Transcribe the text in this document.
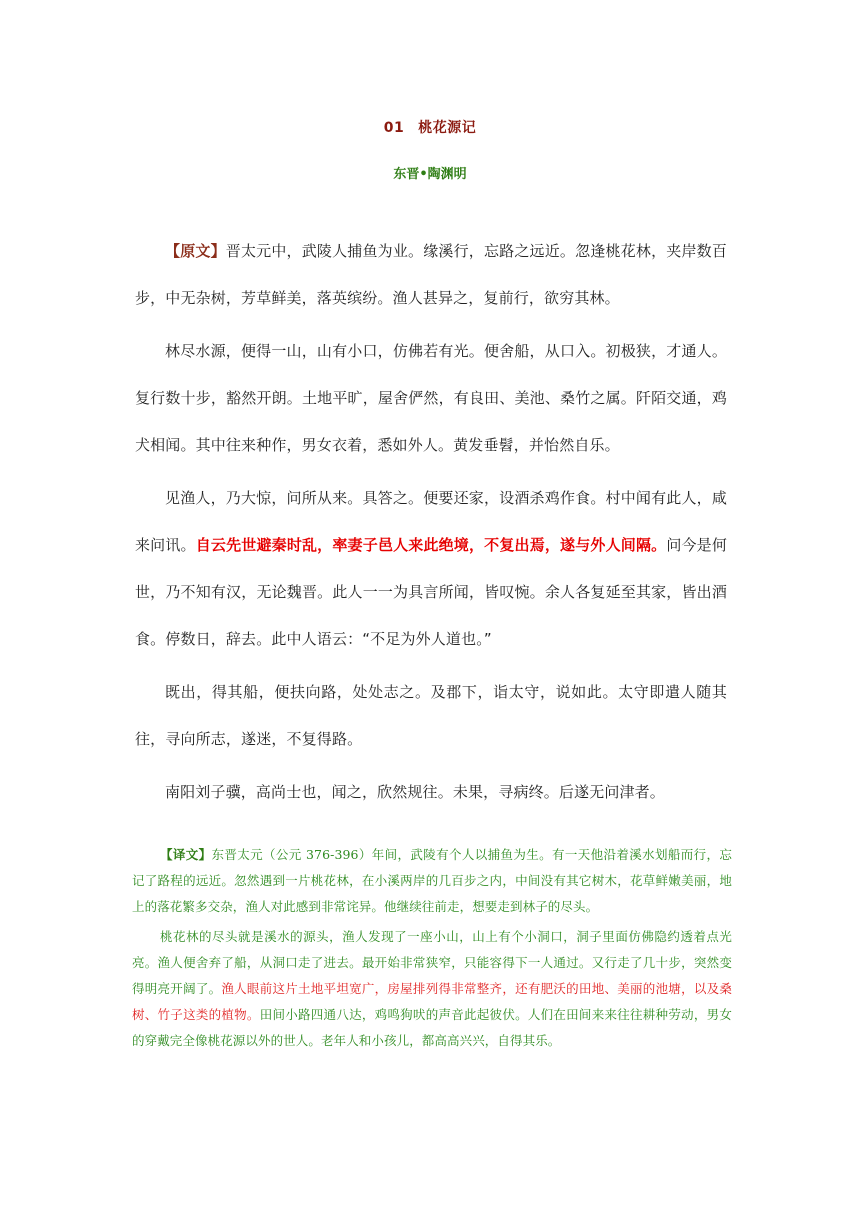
01 桃花源记
东晋•陶渊明

【原文】晋太元中，武陵人捕鱼为业。缘溪行，忘路之远近。忽逢桃花林，夹岸数百步，中无杂树，芳草鲜美，落英缤纷。渔人甚异之，复前行，欲穷其林。

林尽水源，便得一山，山有小口，仿佛若有光。便舍船，从口入。初极狭，才通人。复行数十步，豁然开朗。土地平旷，屋舍俨然，有良田、美池、桑竹之属。阡陌交通，鸡犬相闻。其中往来种作，男女衣着，悉如外人。黄发垂髫，并怡然自乐。

见渔人，乃大惊，问所从来。具答之。便要还家，设酒杀鸡作食。村中闻有此人，咸来问讯。自云先世避秦时乱，率妻子邑人来此绝境，不复出焉，遂与外人间隔。问今是何世，乃不知有汉，无论魏晋。此人一一为具言所闻，皆叹惋。余人各复延至其家，皆出酒食。停数日，辞去。此中人语云：“不足为外人道也。”

既出，得其船，便扶向路，处处志之。及郡下，诣太守，说如此。太守即遣人随其往，寻向所志，遂迷，不复得路。

南阳刘子骥，高尚士也，闻之，欣然规往。未果，寻病终。后遂无问津者。

【译文】东晋太元（公元 376-396）年间，武陵有个人以捕鱼为生。有一天他沿着溪水划船而行，忘记了路程的远近。忽然遇到一片桃花林，在小溪两岸的几百步之内，中间没有其它树木，花草鲜嫩美丽，地上的落花繁多交杂，渔人对此感到非常诧异。他继续往前走，想要走到林子的尽头。

桃花林的尽头就是溪水的源头，渔人发现了一座小山，山上有个小洞口，洞子里面仿佛隐约透着点光亮。渔人便舍弃了船，从洞口走了进去。最开始非常狭窄，只能容得下一人通过。又行走了几十步，突然变得明亮开阔了。渔人眼前这片土地平坦宽广，房屋排列得非常整齐，还有肥沃的田地、美丽的池塘，以及桑树、竹子这类的植物。田间小路四通八达，鸡鸣狗吠的声音此起彼伏。人们在田间来来往往耕种劳动，男女的穿戴完全像桃花源以外的世人。老年人和小孩儿，都高高兴兴，自得其乐。
